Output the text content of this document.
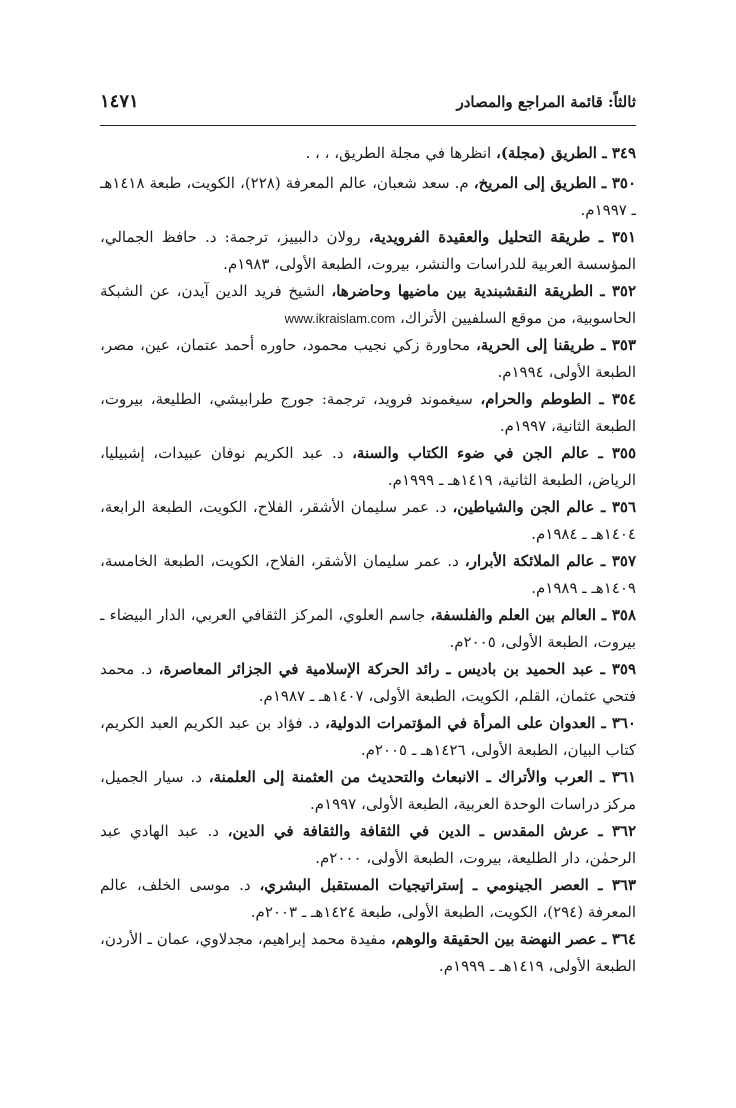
ثالثاً: قائمة المراجع والمصادر
١٤٧١
٣٤٩ ـ الطريق (مجلة)، انظرها في مجلة الطريق، ، ، .
٣٥٠ ـ الطريق إلى المريخ، م. سعد شعبان، عالم المعرفة (٢٢٨)، الكويت، طبعة ١٤١٨هـ ـ ١٩٩٧م.
٣٥١ ـ طريقة التحليل والعقيدة الفرويدية، رولان دالبييز، ترجمة: د. حافظ الجمالي، المؤسسة العربية للدراسات والنشر، بيروت، الطبعة الأولى، ١٩٨٣م.
٣٥٢ ـ الطريقة النقشبندية بين ماضيها وحاضرها، الشيخ فريد الدين آيدن، عن الشبكة الحاسوبية، من موقع السلفيين الأتراك، www.ikraislam.com
٣٥٣ ـ طريقنا إلى الحرية، محاورة زكي نجيب محمود، حاوره أحمد عتمان، عين، مصر، الطبعة الأولى، ١٩٩٤م.
٣٥٤ ـ الطوطم والحرام، سيغموند فرويد، ترجمة: جورج طرابيشي، الطليعة، بيروت، الطبعة الثانية، ١٩٩٧م.
٣٥٥ ـ عالم الجن في ضوء الكتاب والسنة، د. عبد الكريم نوفان عبيدات، إشبيليا، الرياض، الطبعة الثانية، ١٤١٩هـ ـ ١٩٩٩م.
٣٥٦ ـ عالم الجن والشياطين، د. عمر سليمان الأشقر، الفلاح، الكويت، الطبعة الرابعة، ١٤٠٤هـ ـ ١٩٨٤م.
٣٥٧ ـ عالم الملائكة الأبرار، د. عمر سليمان الأشقر، الفلاح، الكويت، الطبعة الخامسة، ١٤٠٩هـ ـ ١٩٨٩م.
٣٥٨ ـ العالم بين العلم والفلسفة، جاسم العلوي، المركز الثقافي العربي، الدار البيضاء ـ بيروت، الطبعة الأولى، ٢٠٠٥م.
٣٥٩ ـ عبد الحميد بن باديس ـ رائد الحركة الإسلامية في الجزائر المعاصرة، د. محمد فتحي عثمان، القلم، الكويت، الطبعة الأولى، ١٤٠٧هـ ـ ١٩٨٧م.
٣٦٠ ـ العدوان على المرأة في المؤتمرات الدولية، د. فؤاد بن عبد الكريم العبد الكريم، كتاب البيان، الطبعة الأولى، ١٤٢٦هـ ـ ٢٠٠٥م.
٣٦١ ـ العرب والأتراك ـ الانبعاث والتحديث من العثمنة إلى العلمنة، د. سيار الجميل، مركز دراسات الوحدة العربية، الطبعة الأولى، ١٩٩٧م.
٣٦٢ ـ عرش المقدس ـ الدين في الثقافة والثقافة في الدين، د. عبد الهادي عبد الرحمٰن، دار الطليعة، بيروت، الطبعة الأولى، ٢٠٠٠م.
٣٦٣ ـ العصر الجينومي ـ إستراتيجيات المستقبل البشري، د. موسى الخلف، عالم المعرفة (٢٩٤)، الكويت، الطبعة الأولى، طبعة ١٤٢٤هـ ـ ٢٠٠٣م.
٣٦٤ ـ عصر النهضة بين الحقيقة والوهم، مفيدة محمد إبراهيم، مجدلاوي، عمان ـ الأردن، الطبعة الأولى، ١٤١٩هـ ـ ١٩٩٩م.
